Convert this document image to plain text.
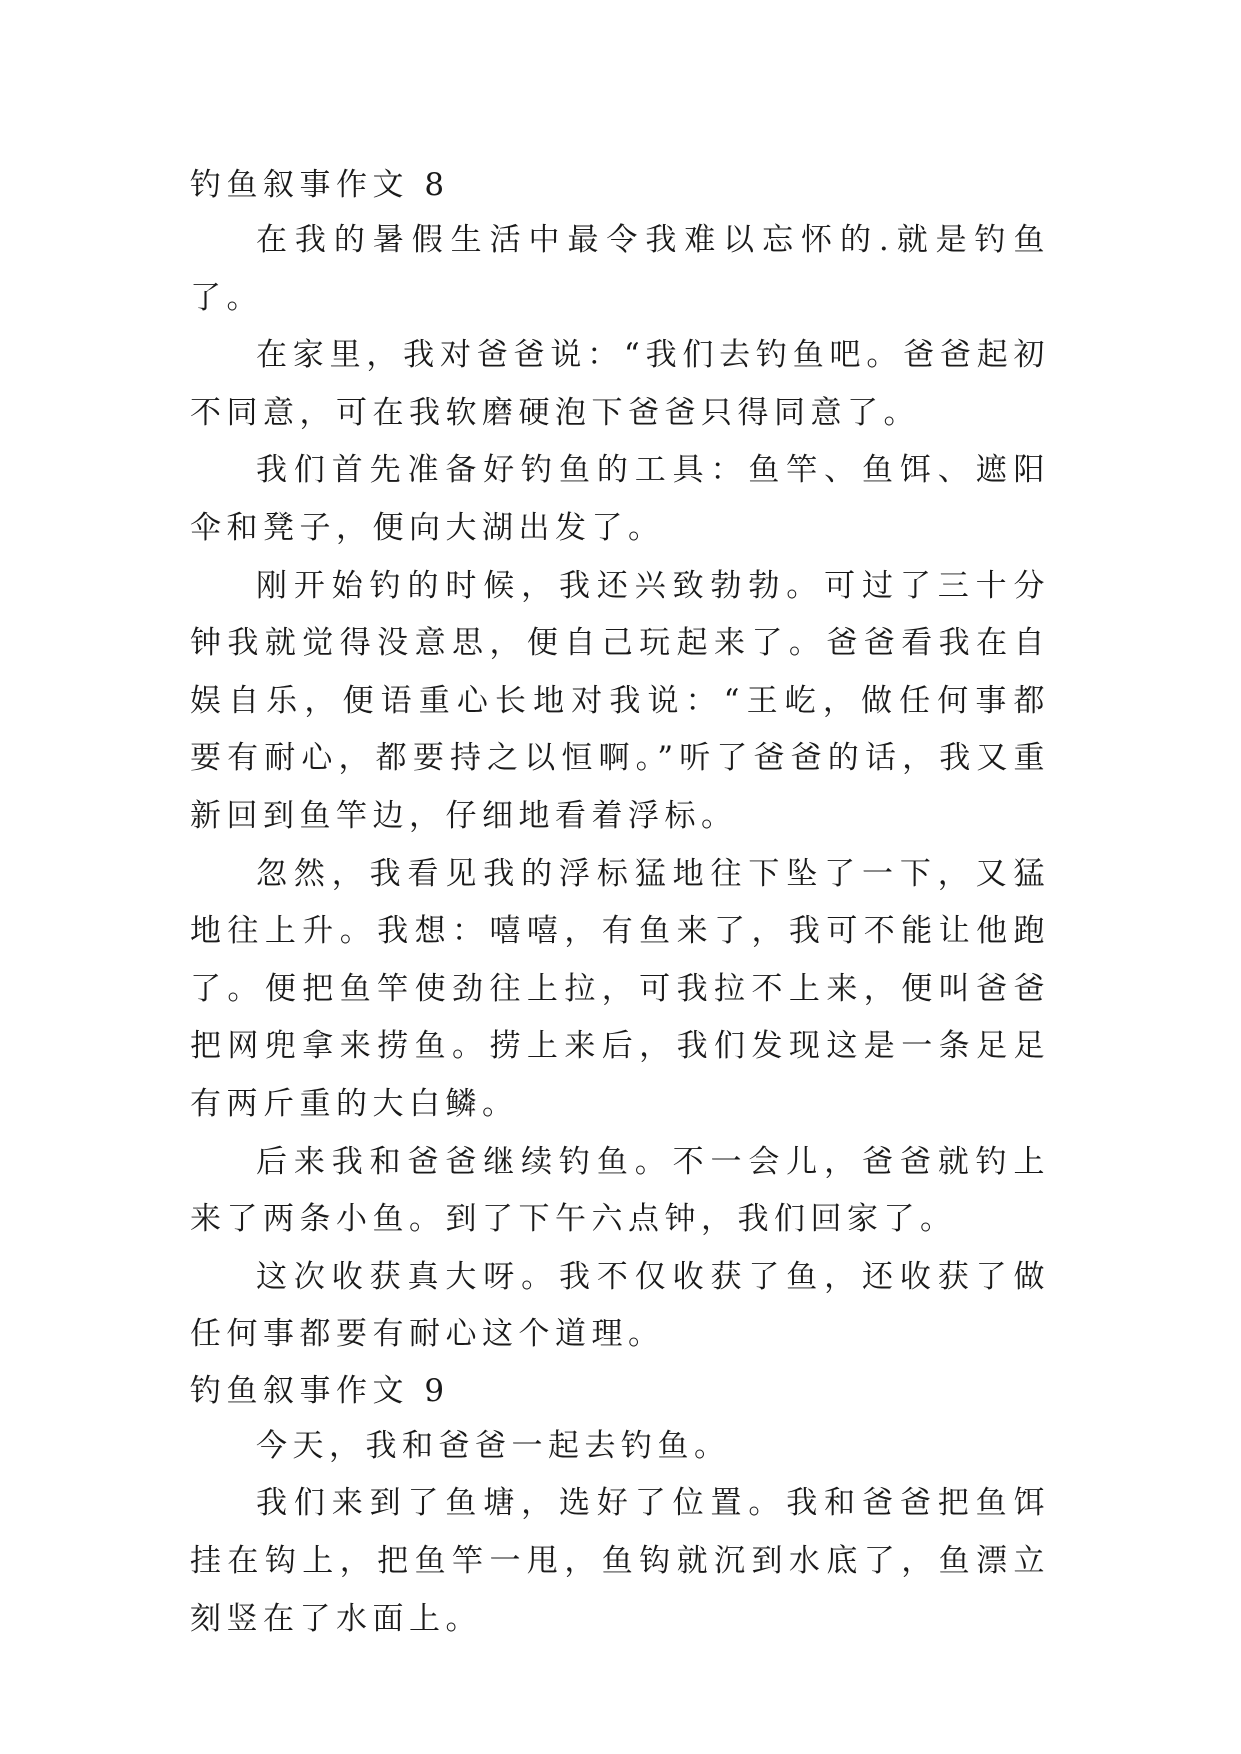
钓鱼叙事作文 8

在我的暑假生活中最令我难以忘怀的.就是钓鱼了。

在家里，我对爸爸说：“我们去钓鱼吧。爸爸起初不同意，可在我软磨硬泡下爸爸只得同意了。

我们首先准备好钓鱼的工具：鱼竿、鱼饵、遮阳伞和凳子，便向大湖出发了。

刚开始钓的时候，我还兴致勃勃。可过了三十分钟我就觉得没意思，便自己玩起来了。爸爸看我在自娱自乐，便语重心长地对我说：“王屹，做任何事都要有耐心，都要持之以恒啊。”听了爸爸的话，我又重新回到鱼竿边，仔细地看着浮标。

忽然，我看见我的浮标猛地往下坠了一下，又猛地往上升。我想：嘻嘻，有鱼来了，我可不能让他跑了。便把鱼竿使劲往上拉，可我拉不上来，便叫爸爸把网兜拿来捞鱼。捞上来后，我们发现这是一条足足有两斤重的大白鳞。

后来我和爸爸继续钓鱼。不一会儿，爸爸就钓上来了两条小鱼。到了下午六点钟，我们回家了。

这次收获真大呀。我不仅收获了鱼，还收获了做任何事都要有耐心这个道理。

钓鱼叙事作文 9

今天，我和爸爸一起去钓鱼。

我们来到了鱼塘，选好了位置。我和爸爸把鱼饵挂在钩上，把鱼竿一甩，鱼钩就沉到水底了，鱼漂立刻竖在了水面上。
